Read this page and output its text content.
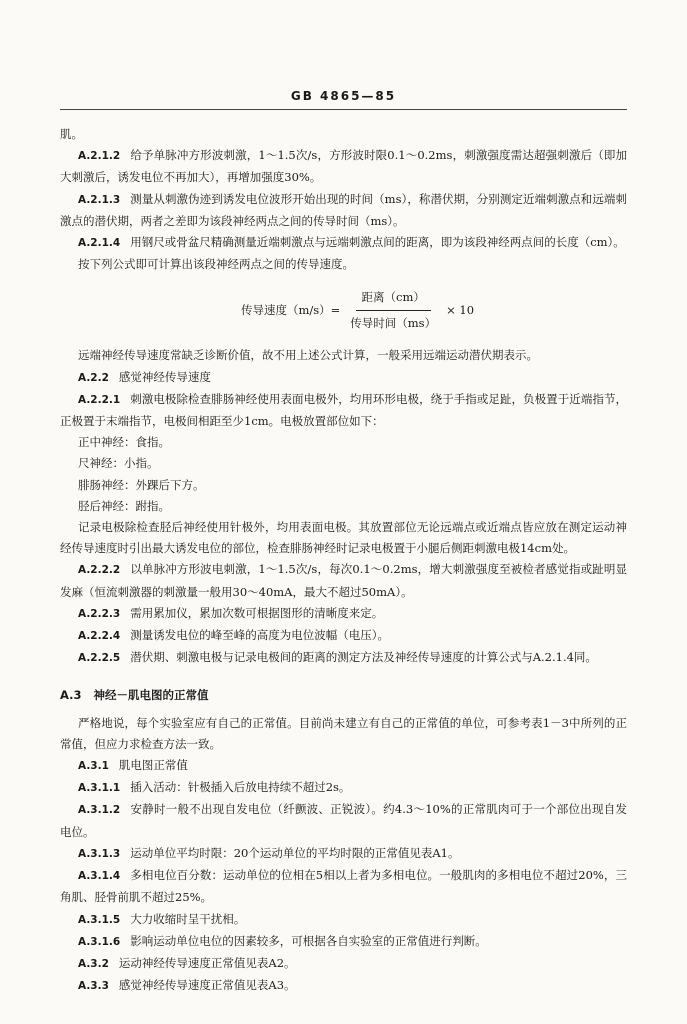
GB 4865—85

肌。

A.2.1.2 给予单脉冲方形波刺激，1～1.5次/s，方形波时限0.1～0.2ms，刺激强度需达超强刺激后（即加大刺激后，诱发电位不再加大），再增加强度30%。

A.2.1.3 测量从刺激伪迹到诱发电位波形开始出现的时间（ms），称潜伏期，分别测定近端刺激点和远端刺激点的潜伏期，两者之差即为该段神经两点之间的传导时间（ms）。

A.2.1.4 用钢尺或骨盆尺精确测量近端刺激点与远端刺激点间的距离，即为该段神经两点间的长度（cm）。

按下列公式即可计算出该段神经两点之间的传导速度。

传导速度$(m/s)= \frac{\text{距离（cm）}}{\text{传导时间（ms）}} \times 10$

远端神经传导速度常缺乏诊断价值，故不用上述公式计算，一般采用远端运动潜伏期表示。

A.2.2 感觉神经传导速度

A.2.2.1 刺激电极除检查腓肠神经使用表面电极外，均用环形电极，绕于手指或足趾，负极置于近端指节，正极置于末端指节，电极间相距至少1cm。电极放置部位如下：

正中神经：食指。

尺神经：小指。

腓肠神经：外踝后下方。

胫后神经：跗指。

记录电极除检查胫后神经使用针极外，均用表面电极。其放置部位无论远端点或近端点皆应放在测定运动神经传导速度时引出最大诱发电位的部位，检查腓肠神经时记录电极置于小腿后侧距刺激电极14cm处。

A.2.2.2 以单脉冲方形波电刺激，1～1.5次/s，每次0.1～0.2ms，增大刺激强度至被检者感觉指或趾明显发麻（恒流刺激器的刺激量一般用30～40mA，最大不超过50mA）。

A.2.2.3 需用累加仪，累加次数可根据图形的清晰度来定。

A.2.2.4 测量诱发电位的峰至峰的高度为电位波幅（电压）。

A.2.2.5 潜伏期、刺激电极与记录电极间的距离的测定方法及神经传导速度的计算公式与A.2.1.4同。

A.3 神经－肌电图的正常值

严格地说，每个实验室应有自己的正常值。目前尚未建立有自己的正常值的单位，可参考表1－3中所列的正常值，但应力求检查方法一致。

A.3.1 肌电图正常值

A.3.1.1 插入活动：针极插入后放电持续不超过2s。

A.3.1.2 安静时一般不出现自发电位（纤颤波、正锐波）。约4.3～10%的正常肌肉可于一个部位出现自发电位。

A.3.1.3 运动单位平均时限：20个运动单位的平均时限的正常值见表A1。

A.3.1.4 多相电位百分数：运动单位的位相在5相以上者为多相电位。一般肌肉的多相电位不超过20%，三角肌、胫骨前肌不超过25%。

A.3.1.5 大力收缩时呈干扰相。

A.3.1.6 影响运动单位电位的因素较多，可根据各自实验室的正常值进行判断。

A.3.2 运动神经传导速度正常值见表A2。

A.3.3 感觉神经传导速度正常值见表A3。
